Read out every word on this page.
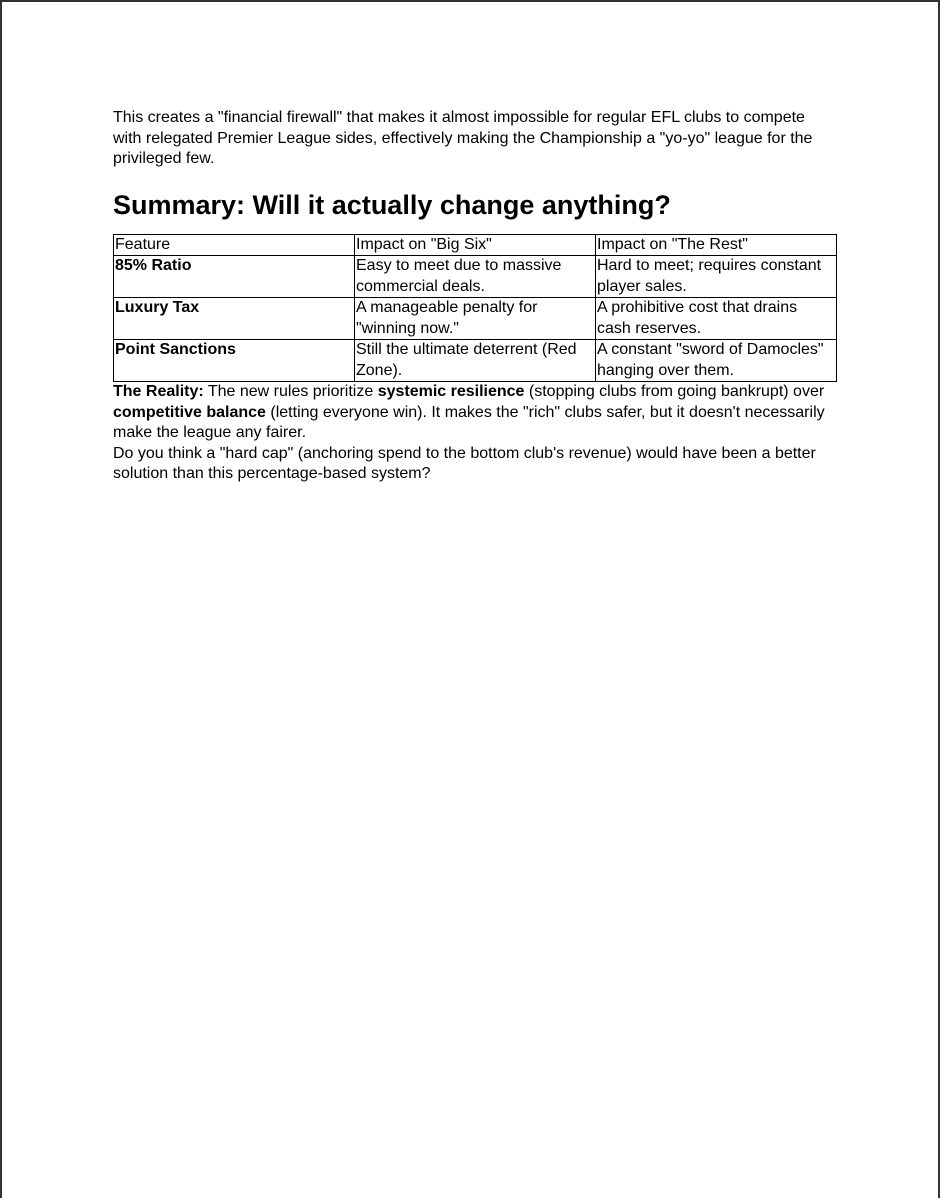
This creates a "financial firewall" that makes it almost impossible for regular EFL clubs to compete with relegated Premier League sides, effectively making the Championship a "yo-yo" league for the privileged few.

Summary: Will it actually change anything?
Feature	Impact on "Big Six"	Impact on "The Rest"
85% Ratio	Easy to meet due to massive commercial deals.	Hard to meet; requires constant player sales.
Luxury Tax	A manageable penalty for "winning now."	A prohibitive cost that drains cash reserves.
Point Sanctions	Still the ultimate deterrent (Red Zone).	A constant "sword of Damocles" hanging over them.

The Reality: The new rules prioritize systemic resilience (stopping clubs from going bankrupt) over competitive balance (letting everyone win). It makes the "rich" clubs safer, but it doesn't necessarily make the league any fairer.

Do you think a "hard cap" (anchoring spend to the bottom club's revenue) would have been a better solution than this percentage-based system?
